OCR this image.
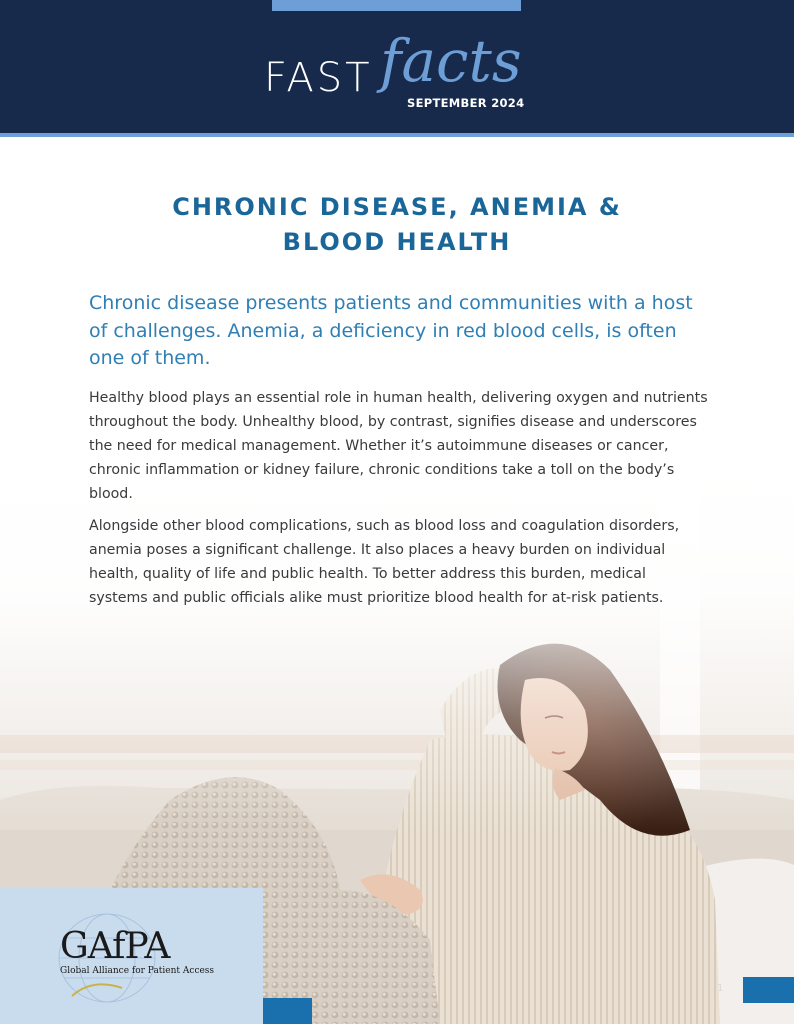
FAST facts
SEPTEMBER 2024
CHRONIC DISEASE, ANEMIA &
BLOOD HEALTH

Chronic disease presents patients and communities with a host of challenges. Anemia, a deficiency in red blood cells, is often one of them.

Healthy blood plays an essential role in human health, delivering oxygen and nutrients throughout the body. Unhealthy blood, by contrast, signifies disease and underscores the need for medical management. Whether it’s autoimmune diseases or cancer, chronic inflammation or kidney failure, chronic conditions take a toll on the body’s blood.

Alongside other blood complications, such as blood loss and coagulation disorders, anemia poses a significant challenge. It also places a heavy burden on individual health, quality of life and public health. To better address this burden, medical systems and public officials alike must prioritize blood health for at-risk patients.

GAfPA
Global Alliance for Patient Access
1
